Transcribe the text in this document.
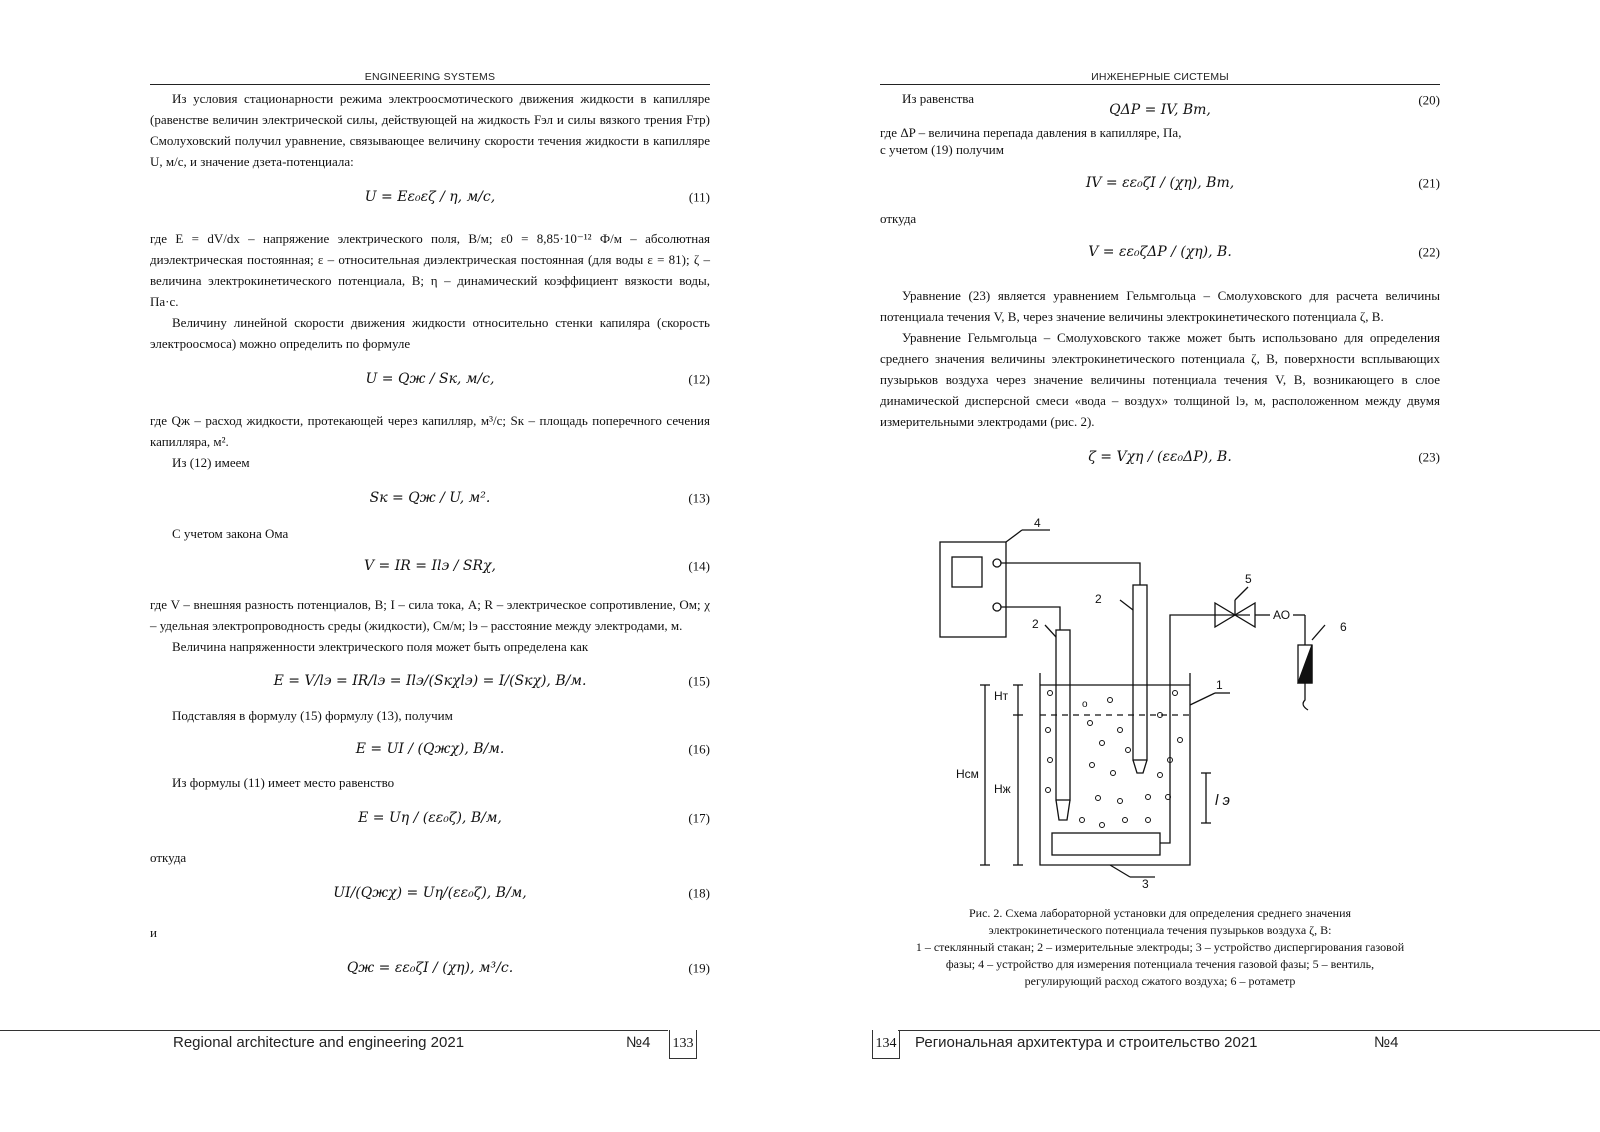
ENGINEERING SYSTEMS

Из условия стационарности режима электроосмотического движения жидкости в капилляре (равенстве величин электрической силы, действующей на жидкость Fэл и силы вязкого трения Fтр) Смолуховский получил уравнение, связывающее величину скорости течения жидкости в капилляре U, м/с, и значение дзета-потенциала:

U = Eε₀εζ / η, м/с,	(11)

где E = dV/dx – напряжение электрического поля, В/м; ε0 = 8,85·10⁻¹² Ф/м – абсолютная диэлектрическая постоянная; ε – относительная диэлектрическая постоянная (для воды ε = 81); ζ – величина электрокинетического потенциала, В; η – динамический коэффициент вязкости воды, Па·с.

Величину линейной скорости движения жидкости относительно стенки капиляра (скорость электроосмоса) можно определить по формуле

U = Qж / Sк, м/с,	(12)

где Qж – расход жидкости, протекающей через капилляр, м³/с; Sк – площадь поперечного сечения капилляра, м².

Из (12) имеем

Sк = Qж / U, м².	(13)

С учетом закона Ома

V = IR = Ilэ / SRχ,	(14)

где V – внешняя разность потенциалов, В; I – сила тока, А; R – электрическое сопротивление, Ом; χ – удельная электропроводность среды (жидкости), См/м; lэ – расстояние между электродами, м.

Величина напряженности электрического поля может быть определена как

E = V/lэ = IR/lэ = Ilэ/(Sкχlэ) = I/(Sкχ), В/м.	(15)

Подставляя в формулу (15) формулу (13), получим

E = UI / (Qжχ), В/м.	(16)

Из формулы (11) имеет место равенство

E = Uη / (εε₀ζ), В/м,	(17)

откуда

UI/(Qжχ) = Uη/(εε₀ζ), В/м,	(18)

и

Qж = εε₀ζI / (χη), м³/с.	(19)
Regional architecture and engineering 2021	№4 133
ИНЖЕНЕРНЫЕ СИСТЕМЫ

Из равенства

QΔP = IV, Вт,
(20)

где ΔP – величина перепада давления в капилляре, Па,

с учетом (19) получим

IV = εε₀ζI / (χη), Вт,	(21)

откуда

V = εε₀ζΔP / (χη), В.	(22)

Уравнение (23) является уравнением Гельмгольца – Смолуховского для расчета величины потенциала течения V, В, через значение величины электрокинетического потенциала ζ, В.

Уравнение Гельмгольца – Смолуховского также может быть использовано для определения среднего значения величины электрокинетического потенциала ζ, В, поверхности всплывающих пузырьков воздуха через значение величины потенциала течения V, В, возникающего в слое динамической дисперсной смеси «вода – воздух» толщиной lэ, м, расположенном между двумя измерительными электродами (рис. 2).

ζ = Vχη / (εε₀ΔP), В.	(23)
4
2
2
1
3
5
АО
6
o
Hсм
Hт
Hж
l э
Рис. 2. Схема лабораторной установки для определения среднего значения
электрокинетического потенциала течения пузырьков воздуха ζ, В:
1 – стеклянный стакан; 2 – измерительные электроды; 3 – устройство диспергирования газовой
фазы; 4 – устройство для измерения потенциала течения газовой фазы; 5 – вентиль,
регулирующий расход сжатого воздуха; 6 – ротаметр
134 Региональная архитектура и строительство 2021	№4
